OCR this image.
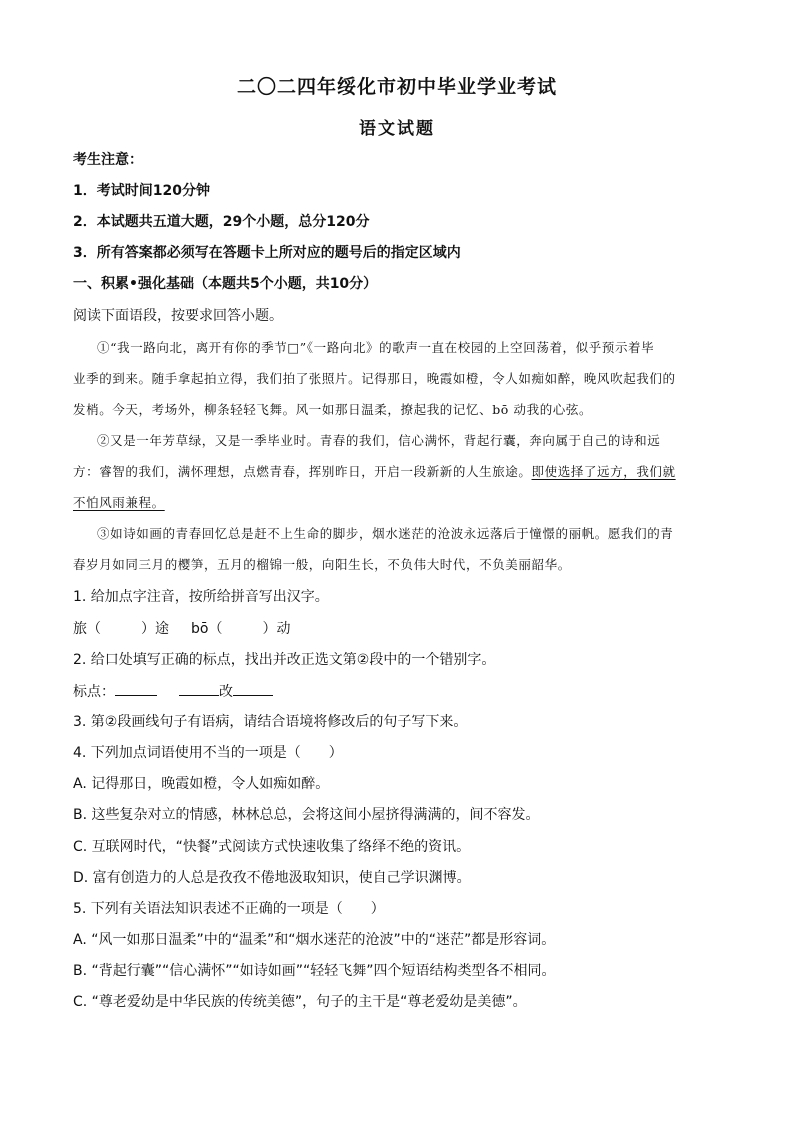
二〇二四年绥化市初中毕业学业考试
语文试题
考生注意：
1．考试时间120分钟
2．本试题共五道大题，29个小题，总分120分
3．所有答案都必须写在答题卡上所对应的题号后的指定区域内
一、积累•强化基础（本题共5个小题，共10分）
阅读下面语段，按要求回答小题。
①“我一路向北，离开有你的季节□”《一路向北》的歌声一直在校园的上空回荡着，似乎预示着毕
业季的到来。随手拿起拍立得，我们拍了张照片。记得那日，晚霞如橙，令人如痴如醉，晚风吹起我们的
发梢。今天，考场外，柳条轻轻飞舞。风一如那日温柔，撩起我的记忆、bō 动我的心弦。
②又是一年芳草绿，又是一季毕业时。青春的我们，信心满怀，背起行囊，奔向属于自己的诗和远
方：睿智的我们，满怀理想，点燃青春，挥别昨日，开启一段新新的人生旅途。即使选择了远方，我们就
不怕风雨兼程。
③如诗如画的青春回忆总是赶不上生命的脚步，烟水迷茫的沧波永远落后于憧憬的丽帆。愿我们的青
春岁月如同三月的樱笋，五月的榴锦一般，向阳生长，不负伟大时代，不负美丽韶华。
1. 给加点字注音，按所给拼音写出汉字。
旅（	）途 bō（	）动
2. 给口处填写正确的标点，找出并改正选文第②段中的一个错别字。
标点：	改
3. 第②段画线句子有语病，请结合语境将修改后的句子写下来。
4. 下列加点词语使用不当的一项是（　　）
A. 记得那日，晚霞如橙，令人如痴如醉。
B. 这些复杂对立的情感，林林总总，会将这间小屋挤得满满的，间不容发。
C. 互联网时代，“快餐”式阅读方式快速收集了络绎不绝的资讯。
D. 富有创造力的人总是孜孜不倦地汲取知识，使自己学识渊博。
5. 下列有关语法知识表述不正确的一项是（　　）
A. “风一如那日温柔”中的“温柔”和“烟水迷茫的沧波”中的“迷茫”都是形容词。
B. “背起行囊”“信心满怀”“如诗如画”“轻轻飞舞”四个短语结构类型各不相同。
C. “尊老爱幼是中华民族的传统美德”，句子的主干是“尊老爱幼是美德”。
